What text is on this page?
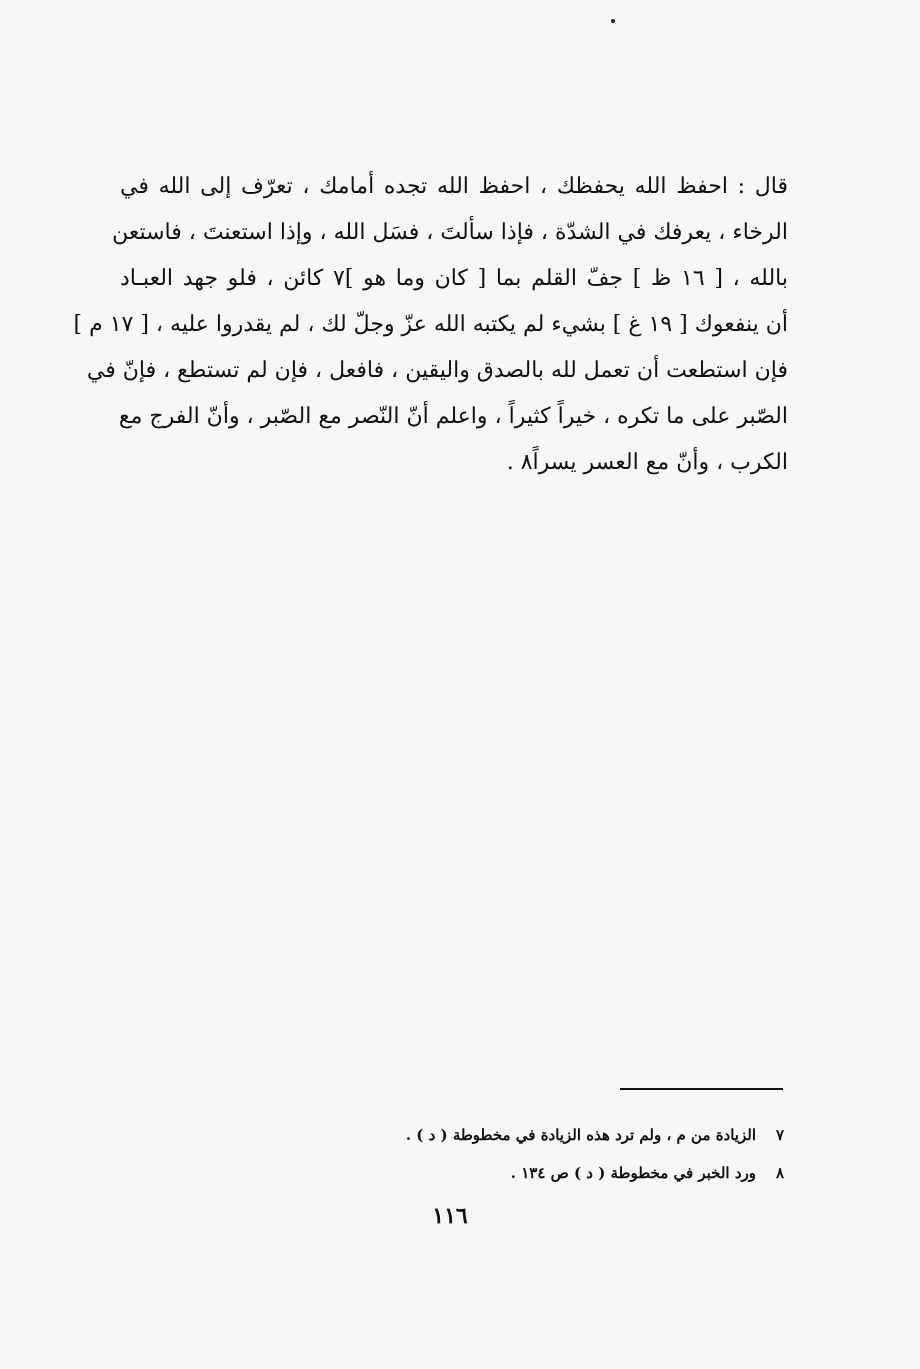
قال : احفظ الله يحفظك ، احفظ الله تجده أمامك ، تعرّف إلى الله في
الرخاء ، يعرفك في الشدّة ، فإذا سألتَ ، فسَل الله ، وإذا استعنتَ ، فاستعن
بالله ، [ ١٦ ظ ] جفّ القلم بما [ كان وما هو ]٧ كائن ، فلو جهد العبـاد
أن ينفعوك [ ١٩ غ ] بشيء لم يكتبه الله عزّ وجلّ لك ، لم يقدروا عليه ، [ ١٧ م ]
فإن استطعت أن تعمل لله بالصدق واليقين ، فافعل ، فإن لم تستطع ، فإنّ في
الصّبر على ما تكره ، خيراً كثيراً ، واعلم أنّ النّصر مع الصّبر ، وأنّ الفرج مع
الكرب ، وأنّ مع العسر يسراً٨ .
٧
الزيادة من م ، ولم ترد هذه الزيادة في مخطوطة ( د ) .
٨
ورد الخبر في مخطوطة ( د ) ص ١٣٤ .
١١٦
